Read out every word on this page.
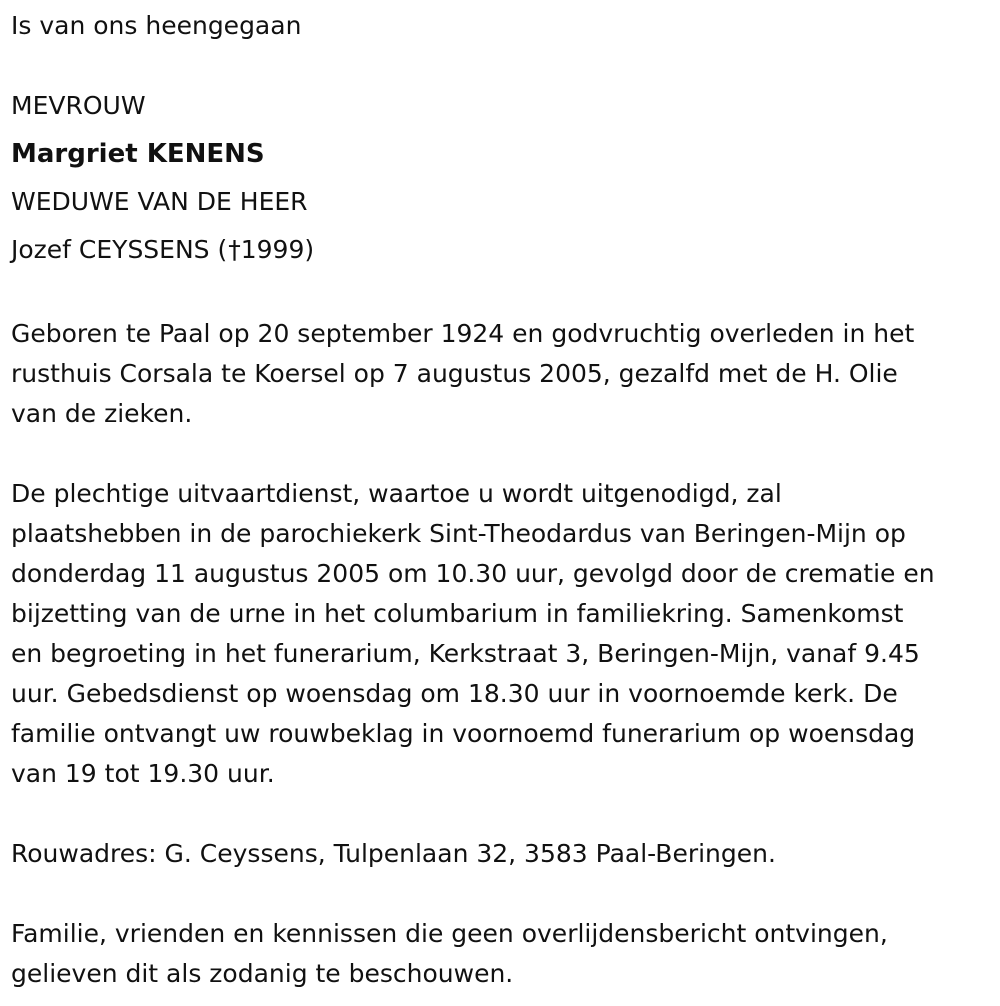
Is van ons heengegaan

MEVROUW

Margriet KENENS

WEDUWE VAN DE HEER

Jozef CEYSSENS (†1999)

Geboren te Paal op 20 september 1924 en godvruchtig overleden in het

rusthuis Corsala te Koersel op 7 augustus 2005, gezalfd met de H. Olie

van de zieken.

De plechtige uitvaartdienst, waartoe u wordt uitgenodigd, zal

plaatshebben in de parochiekerk Sint-Theodardus van Beringen-Mijn op

donderdag 11 augustus 2005 om 10.30 uur, gevolgd door de crematie en

bijzetting van de urne in het columbarium in familiekring. Samenkomst

en begroeting in het funerarium, Kerkstraat 3, Beringen-Mijn, vanaf 9.45

uur. Gebedsdienst op woensdag om 18.30 uur in voornoemde kerk. De

familie ontvangt uw rouwbeklag in voornoemd funerarium op woensdag

van 19 tot 19.30 uur.

Rouwadres: G. Ceyssens, Tulpenlaan 32, 3583 Paal-Beringen.

Familie, vrienden en kennissen die geen overlijdensbericht ontvingen,

gelieven dit als zodanig te beschouwen.
